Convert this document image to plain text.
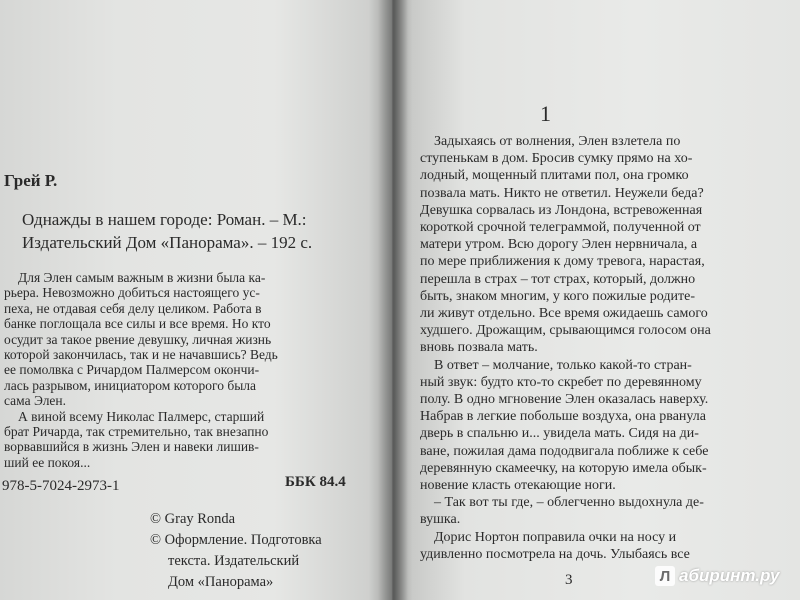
Грей Р.
Однажды в нашем городе: Роман. – М.:
Издательский Дом «Панорама». – 192 с.
978-5-7024-2973-1	ББК 84.4
© Gray Ronda
© Оформление. Подготовка
текста. Издательский
Дом «Панорама»
Для Элен самым важным в жизни была ка-
рьера. Невозможно добиться настоящего ус-
пеха, не отдавая себя делу целиком. Работа в
банке поглощала все силы и все время. Но кто
осудит за такое рвение девушку, личная жизнь
которой закончилась, так и не начавшись? Ведь
ее помолвка с Ричардом Палмерсом окончи-
лась разрывом, инициатором которого была
сама Элен.
А виной всему Николас Палмерс, старший
брат Ричарда, так стремительно, так внезапно
ворвавшийся в жизнь Элен и навеки лишив-
ший ее покоя...
1
3	Л абиринт.ру
Задыхаясь от волнения, Элен взлетела по
ступенькам в дом. Бросив сумку прямо на хо-
лодный, мощенный плитами пол, она громко
позвала мать. Никто не ответил. Неужели беда?
Девушка сорвалась из Лондона, встревоженная
короткой срочной телеграммой, полученной от
матери утром. Всю дорогу Элен нервничала, а
по мере приближения к дому тревога, нарастая,
перешла в страх – тот страх, который, должно
быть, знаком многим, у кого пожилые родите-
ли живут отдельно. Все время ожидаешь самого
худшего. Дрожащим, срывающимся голосом она
вновь позвала мать.
В ответ – молчание, только какой-то стран-
ный звук: будто кто-то скребет по деревянному
полу. В одно мгновение Элен оказалась наверху.
Набрав в легкие побольше воздуха, она рванула
дверь в спальню и... увидела мать. Сидя на ди-
ване, пожилая дама пододвигала поближе к себе
деревянную скамеечку, на которую имела обык-
новение класть отекающие ноги.
– Так вот ты где, – облегченно выдохнула де-
вушка.
Дорис Нортон поправила очки на носу и
удивленно посмотрела на дочь. Улыбаясь все
